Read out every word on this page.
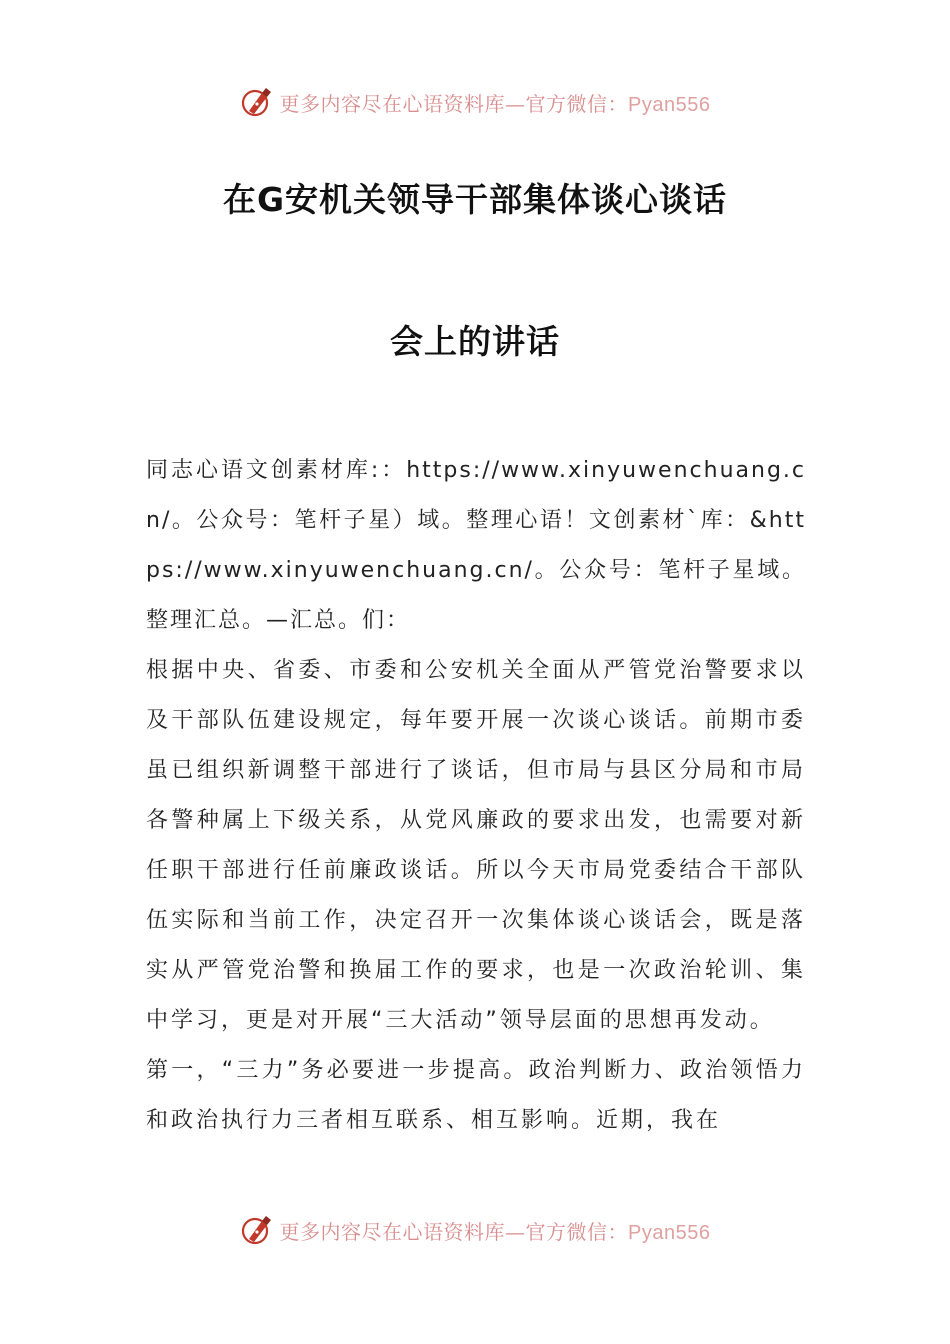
更多内容尽在心语资料库—官方微信：Pyan556
在G安机关领导干部集体谈心谈话
会上的讲话

同志心语文创素材库:：https://www.xinyuwenchuang.cn/。公众号：笔杆子星）域。整理心语！文创素材`库：&https://www.xinyuwenchuang.cn/。公众号：笔杆子星域。整理汇总。—汇总。们：

根据中央、省委、市委和公安机关全面从严管党治警要求以及干部队伍建设规定，每年要开展一次谈心谈话。前期市委虽已组织新调整干部进行了谈话，但市局与县区分局和市局各警种属上下级关系，从党风廉政的要求出发，也需要对新任职干部进行任前廉政谈话。所以今天市局党委结合干部队伍实际和当前工作，决定召开一次集体谈心谈话会，既是落实从严管党治警和换届工作的要求，也是一次政治轮训、集中学习，更是对开展“三大活动”领导层面的思想再发动。

第一，“三力”务必要进一步提高。政治判断力、政治领悟力和政治执行力三者相互联系、相互影响。近期，我在

更多内容尽在心语资料库—官方微信：Pyan556
